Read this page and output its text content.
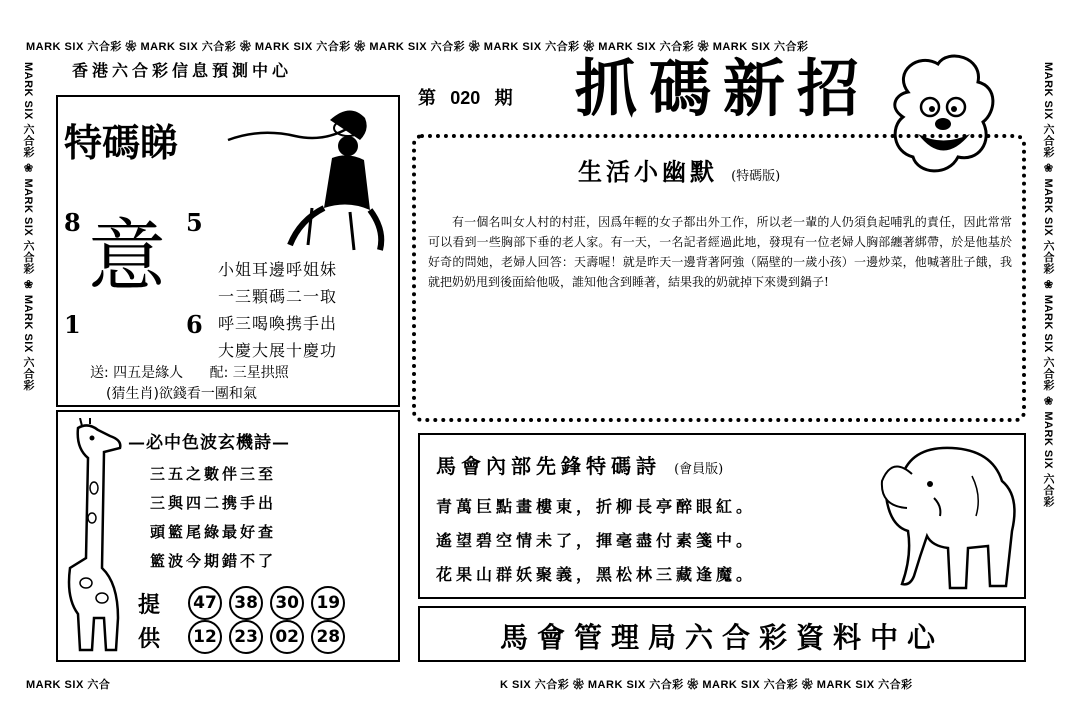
MARK SIX 六合彩 ❀ MARK SIX 六合彩 ❀ MARK SIX 六合彩 ❀ MARK SIX 六合彩 ❀ MARK SIX 六合彩 ❀ MARK SIX 六合彩 ❀ MARK SIX 六合彩
MARK SIX 六合	K SIX 六合彩 ❀ MARK SIX 六合彩 ❀ MARK SIX 六合彩 ❀ MARK SIX 六合彩
MARK SIX 六合彩 ❀ MARK SIX 六合彩 ❀ MARK SIX 六合彩	MARK SIX 六合彩 ❀ MARK SIX 六合彩 ❀ MARK SIX 六合彩 ❀ MARK SIX 六合彩
香港六合彩信息預測中心
第 020 期 抓碼新招
特碼睇
8	5
1	6
意	小姐耳邊呼姐妹
一三顆碼二一取
呼三喝喚携手出
大慶大展十慶功
送: 四五是緣人 配: 三星拱照
(猜生肖)欲錢看一團和氣
—必中色波玄機詩—
三五之數伴三至
三與四二携手出
頭籃尾綠最好查
籃波今期錯不了
提
供
47 38 30 19
12 23 02 28
生活小幽默 (特碼版)
有一個名叫女人村的村莊，因爲年輕的女子都出外工作，所以老一輩的人仍須負起哺乳的責任，因此常常可以看到一些胸部下垂的老人家。有一天，一名記者經過此地，發現有一位老婦人胸部纏著綁帶，於是他基於好奇的問她，老婦人回答：天壽喔！就是昨天一邊背著阿強（隔壁的一歲小孩）一邊炒菜，他喊著肚子餓，我就把奶奶甩到後面給他吸，誰知他含到睡著，結果我的奶就掉下來燙到鍋子!
馬會內部先鋒特碼詩 (會員版)
青萬巨點畫樓東，折柳長亭醉眼紅。
遙望碧空情未了，揮毫盡付素箋中。
花果山群妖聚義，黑松林三藏逢魔。
馬會管理局六合彩資料中心
